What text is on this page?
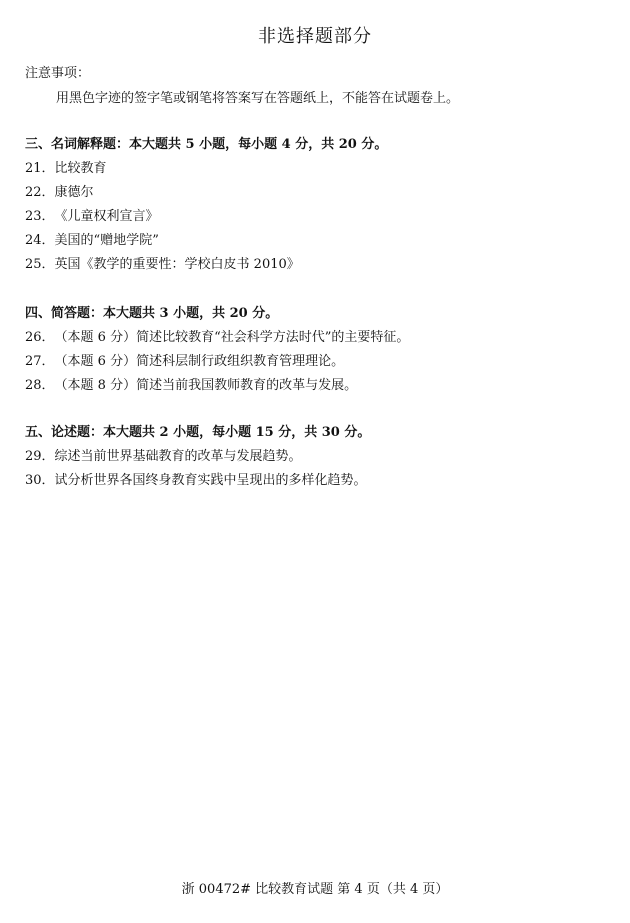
非选择题部分
注意事项：
用黑色字迹的签字笔或钢笔将答案写在答题纸上，不能答在试题卷上。
三、名词解释题：本大题共 5 小题，每小题 4 分，共 20 分。
21． 比较教育
22． 康德尔
23． 《儿童权利宣言》
24． 美国的“赠地学院”
25． 英国《教学的重要性：学校白皮书 2010》
四、简答题：本大题共 3 小题，共 20 分。
26． （本题 6 分）简述比较教育“社会科学方法时代”的主要特征。
27． （本题 6 分）简述科层制行政组织教育管理理论。
28． （本题 8 分）简述当前我国教师教育的改革与发展。
五、论述题：本大题共 2 小题，每小题 15 分，共 30 分。
29． 综述当前世界基础教育的改革与发展趋势。
30． 试分析世界各国终身教育实践中呈现出的多样化趋势。
浙 00472# 比较教育试题 第 4 页（共 4 页）
